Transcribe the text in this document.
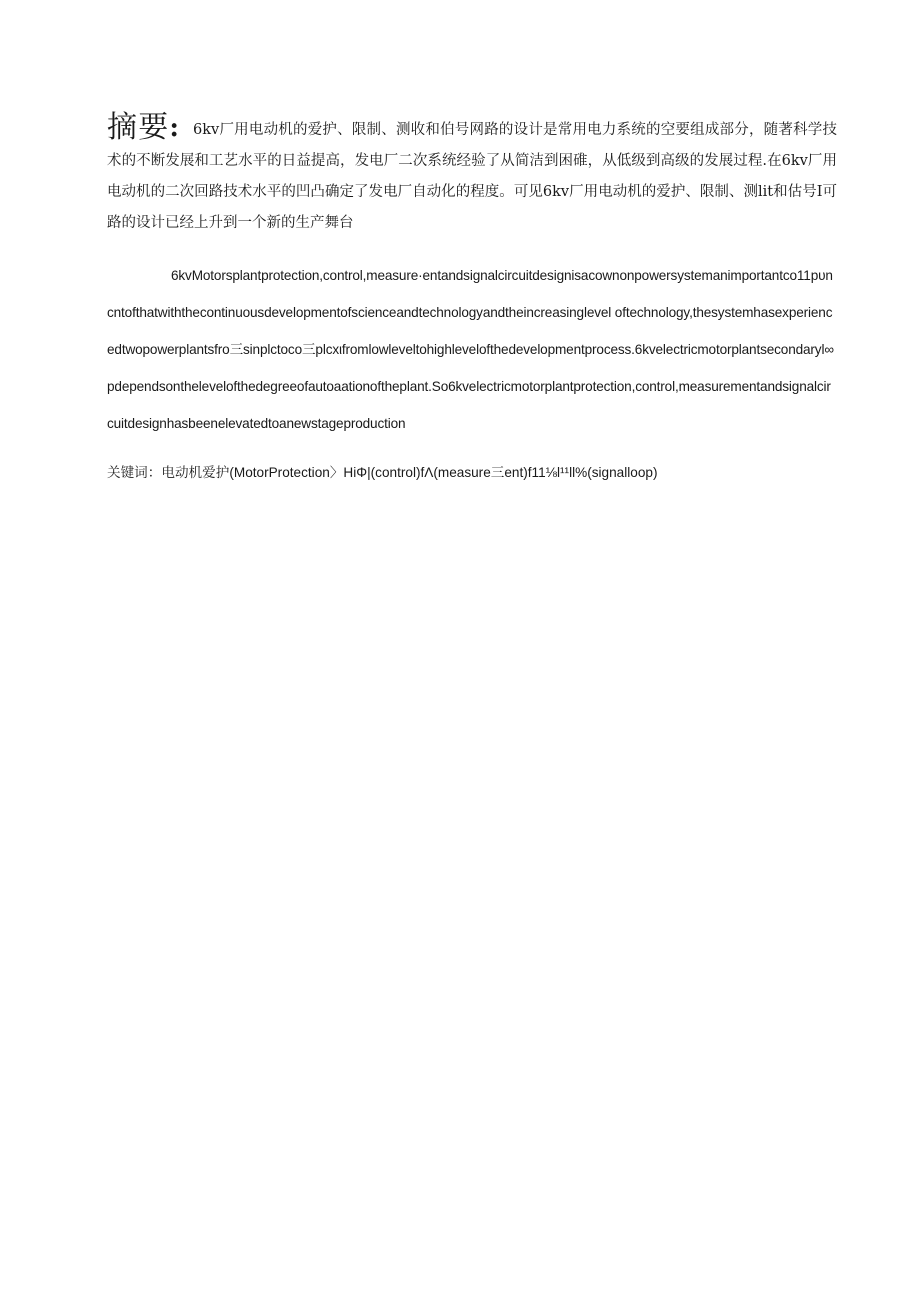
摘要: 6kv厂用电动机的爱护、限制、测收和伯号网路的设计是常用电力系统的空要组成部分，随著科学技术的不断发展和工艺水平的日益提高，发电厂二次系统经验了从简洁到困碓，从低级到高级的发展过程.在6kv厂用电动机的二次回路技术水平的凹凸确定了发电厂自动化的程度。可见6kv厂用电动机的爱护、限制、测lit和估号I可路的设计已经上升到一个新的生产舞台

6kvMotorsplantprotection,control,measure·entandsignalcircuitdesignisacownonpowersystemanimportantco11pυncntofthatwiththecontinuousdevelopmentofscienceandtechnologyandtheincreasinglevel oftechnology,thesystemhasexperiencedtwopowerplantsfro三sinplctoco三plcxιfromlowleveltohighlevelofthedevelopmentprocess.6kvelectricmotorplantsecondaryl∞pdependsonthelevelofthedegreeofautoaationoftheplant.So6kvelectricmotorplantprotection,control,measurementandsignalcircuitdesignhasbeenelevatedtoanewstageproduction

关键词：电动机爱护(MotorProtection〉HiΦ|(control)fΛ(measure三ent)f11⅛l¹¹ll%(signalloop)
